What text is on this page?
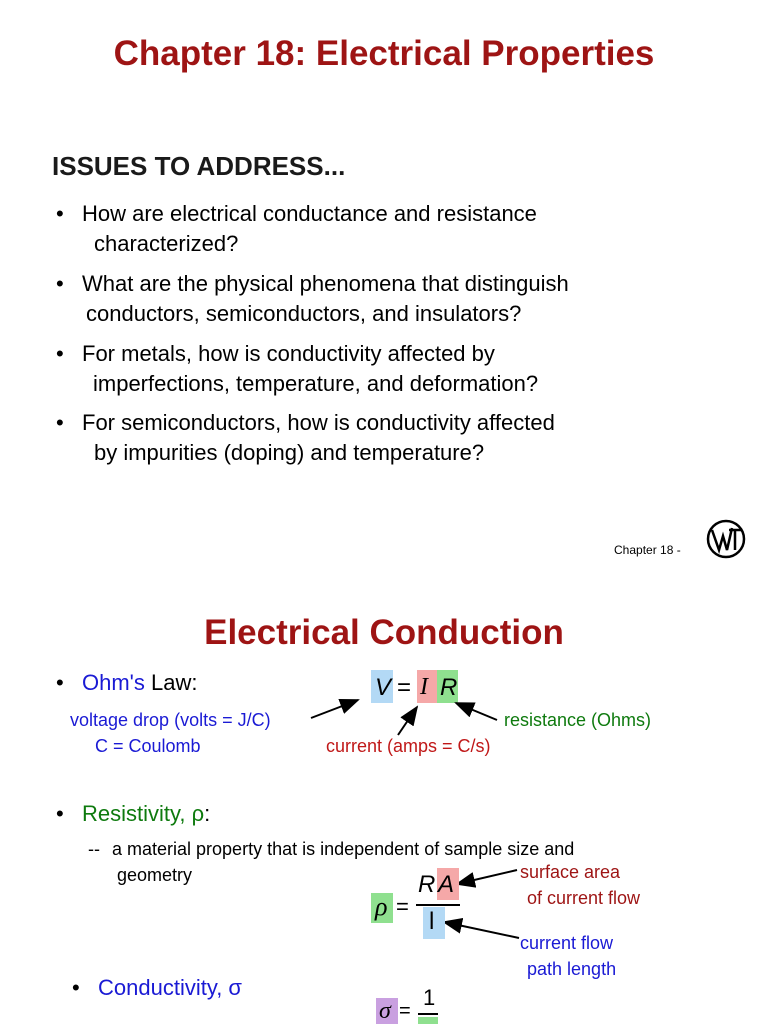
Chapter 18: Electrical Properties
ISSUES TO ADDRESS...
• How are electrical conductance and resistance
characterized?
• What are the physical phenomena that distinguish
conductors, semiconductors, and insulators?
• For metals, how is conductivity affected by
imperfections, temperature, and deformation?
• For semiconductors, how is conductivity affected
by impurities (doping) and temperature?
Chapter 18 -
Electrical Conduction
• Ohm's Law:	V = I R
voltage drop (volts = J/C)
C = Coulomb	current (amps = C/s)
resistance (Ohms)
• Resistivity, ρ:
-- a material property that is independent of sample size and
geometry
ρ =
R A
l
surface area
of current flow
current flow
path length
• Conductivity, σ
σ =
1
